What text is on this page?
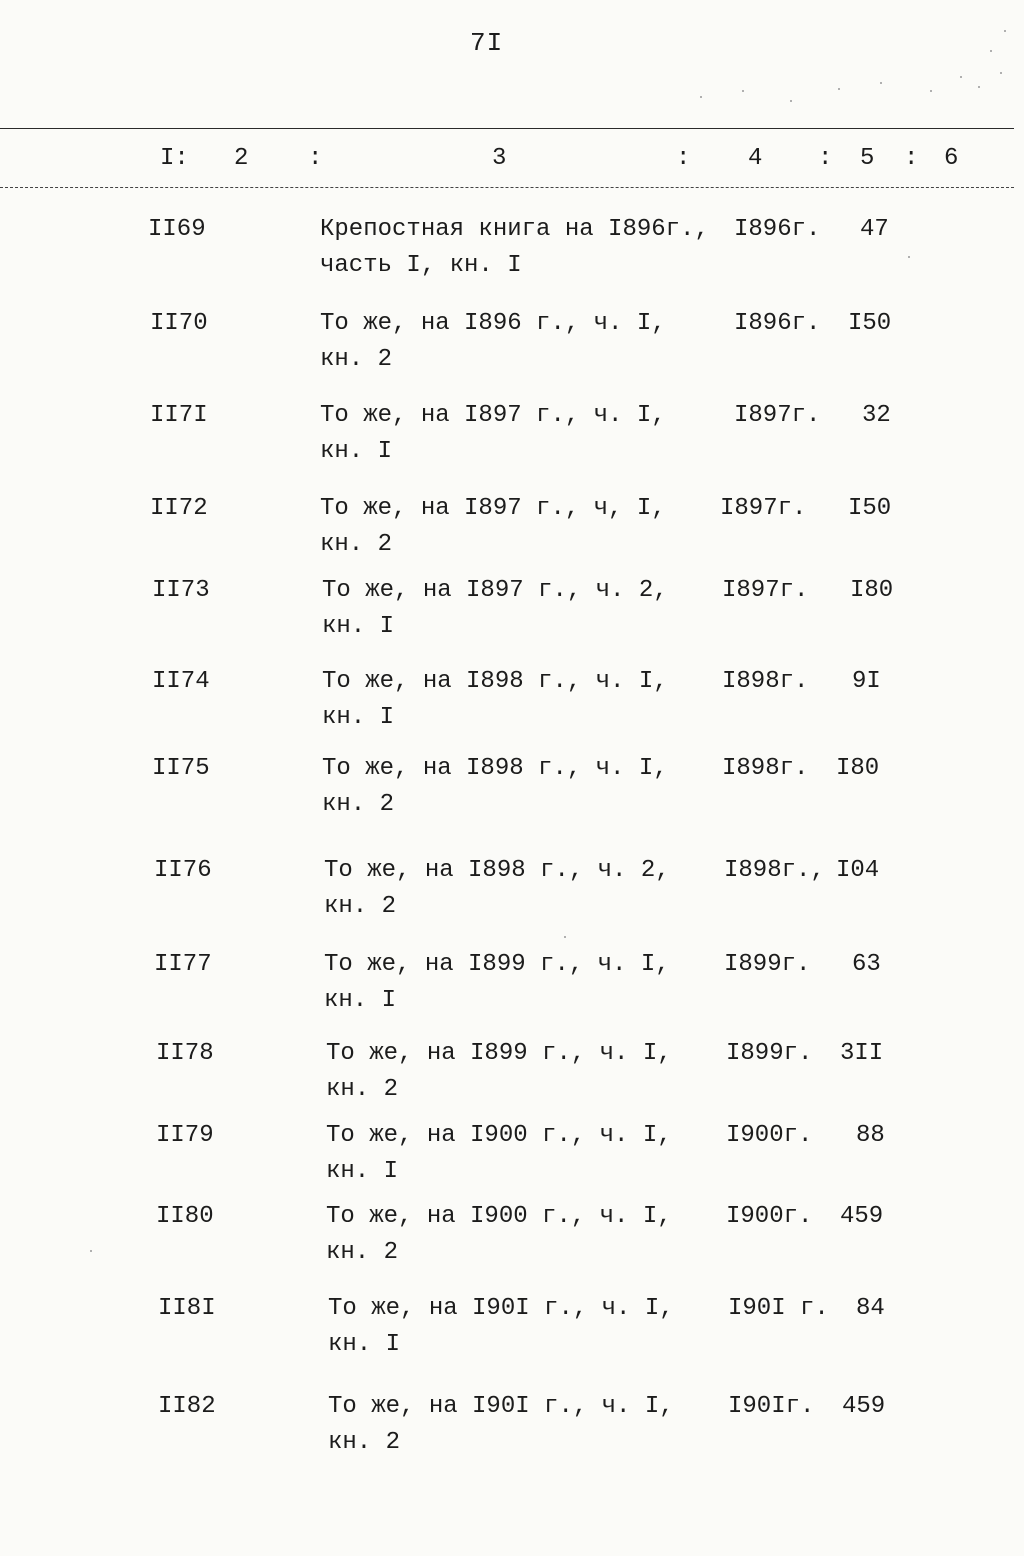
7I
I: 2 :	3	: 4 : 5 : 6
II69	Крепостная книга на I896г.,
часть I, кн. I
I896г. 47
II70	То же, на I896 г., ч. I,
кн. 2
I896г. I50
II7I	То же, на I897 г., ч. I,
кн. I
I897г. 32
II72	То же, на I897 г., ч, I,
кн. 2
I897г. I50
II73	То же, на I897 г., ч. 2,
кн. I
I897г. I80
II74	То же, на I898 г., ч. I,
кн. I
I898г. 9I
II75	То же, на I898 г., ч. I,
кн. 2
I898г. I80
II76	То же, на I898 г., ч. 2,
кн. 2
I898г., I04
II77	То же, на I899 г., ч. I,
кн. I
I899г. 63
II78	То же, на I899 г., ч. I,
кн. 2
I899г. 3II
II79	То же, на I900 г., ч. I,
кн. I
I900г. 88
II80	То же, на I900 г., ч. I,
кн. 2
I900г. 459
II8I	То же, на I90I г., ч. I,
кн. I
I90I г. 84
II82	То же, на I90I г., ч. I,
кн. 2
I90Iг. 459
